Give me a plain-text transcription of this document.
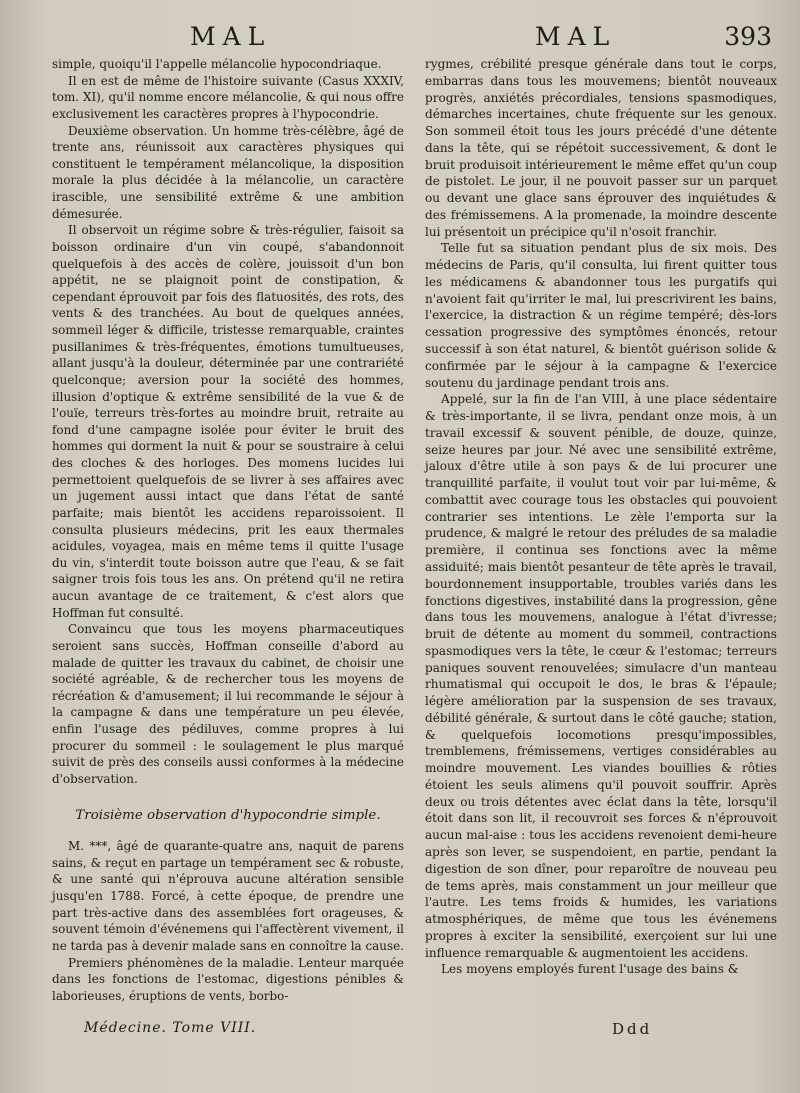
MAL	MAL	393

simple, quoiqu'il l'appelle mélancolie hypocondriaque.

Il en est de même de l'histoire suivante (Casus XXXIV, tom. XI), qu'il nomme encore mélancolie, & qui nous offre exclusivement les caractères propres à l'hypocondrie.

Deuxième observation. Un homme très-célèbre, âgé de trente ans, réunissoit aux caractères physiques qui constituent le tempérament mélancolique, la disposition morale la plus décidée à la mélancolie, un caractère irascible, une sensibilité extrême & une ambition démesurée.

Il observoit un régime sobre & très-régulier, faisoit sa boisson ordinaire d'un vin coupé, s'abandonnoit quelquefois à des accès de colère, jouissoit d'un bon appétit, ne se plaignoit point de constipation, & cependant éprouvoit par fois des flatuosités, des rots, des vents & des tranchées. Au bout de quelques années, sommeil léger & difficile, tristesse remarquable, craintes pusillanimes & très-fréquentes, émotions tumultueuses, allant jusqu'à la douleur, déterminée par une contrariété quelconque; aversion pour la société des hommes, illusion d'optique & extrême sensibilité de la vue & de l'ouïe, terreurs très-fortes au moindre bruit, retraite au fond d'une campagne isolée pour éviter le bruit des hommes qui dorment la nuit & pour se soustraire à celui des cloches & des horloges. Des momens lucides lui permettoient quelquefois de se livrer à ses affaires avec un jugement aussi intact que dans l'état de santé parfaite; mais bientôt les accidens reparoissoient. Il consulta plusieurs médecins, prit les eaux thermales acidules, voyagea, mais en même tems il quitte l'usage du vin, s'interdit toute boisson autre que l'eau, & se fait saigner trois fois tous les ans. On prétend qu'il ne retira aucun avantage de ce traitement, & c'est alors que Hoffman fut consulté.

Convaincu que tous les moyens pharmaceutiques seroient sans succès, Hoffman conseille d'abord au malade de quitter les travaux du cabinet, de choisir une société agréable, & de rechercher tous les moyens de récréation & d'amusement; il lui recommande le séjour à la campagne & dans une température un peu élevée, enfin l'usage des pédiluves, comme propres à lui procurer du sommeil : le soulagement le plus marqué suivit de près des conseils aussi conformes à la médecine d'observation.

Troisième observation d'hypocondrie simple.

M. ***, âgé de quarante-quatre ans, naquit de parens sains, & reçut en partage un tempérament sec & robuste, & une santé qui n'éprouva aucune altération sensible jusqu'en 1788. Forcé, à cette époque, de prendre une part très-active dans des assemblées fort orageuses, & souvent témoin d'événemens qui l'affectèrent vivement, il ne tarda pas à devenir malade sans en connoître la cause.

Premiers phénomènes de la maladie. Lenteur marquée dans les fonctions de l'estomac, digestions pénibles & laborieuses, éruptions de vents, borbo-

rygmes, crébilité presque générale dans tout le corps, embarras dans tous les mouvemens; bientôt nouveaux progrès, anxiétés précordiales, tensions spasmodiques, démarches incertaines, chute fréquente sur les genoux. Son sommeil étoit tous les jours précédé d'une détente dans la tête, qui se répétoit successivement, & dont le bruit produisoit intérieurement le même effet qu'un coup de pistolet. Le jour, il ne pouvoit passer sur un parquet ou devant une glace sans éprouver des inquiétudes & des frémissemens. A la promenade, la moindre descente lui présentoit un précipice qu'il n'osoit franchir.

Telle fut sa situation pendant plus de six mois. Des médecins de Paris, qu'il consulta, lui firent quitter tous les médicamens & abandonner tous les purgatifs qui n'avoient fait qu'irriter le mal, lui prescrivirent les bains, l'exercice, la distraction & un régime tempéré; dès-lors cessation progressive des symptômes énoncés, retour successif à son état naturel, & bientôt guérison solide & confirmée par le séjour à la campagne & l'exercice soutenu du jardinage pendant trois ans.

Appelé, sur la fin de l'an VIII, à une place sédentaire & très-importante, il se livra, pendant onze mois, à un travail excessif & souvent pénible, de douze, quinze, seize heures par jour. Né avec une sensibilité extrême, jaloux d'être utile à son pays & de lui procurer une tranquillité parfaite, il voulut tout voir par lui-même, & combattit avec courage tous les obstacles qui pouvoient contrarier ses intentions. Le zèle l'emporta sur la prudence, & malgré le retour des préludes de sa maladie première, il continua ses fonctions avec la même assiduité; mais bientôt pesanteur de tête après le travail, bourdonnement insupportable, troubles variés dans les fonctions digestives, instabilité dans la progression, gêne dans tous les mouvemens, analogue à l'état d'ivresse; bruit de détente au moment du sommeil, contractions spasmodiques vers la tête, le cœur & l'estomac; terreurs paniques souvent renouvelées; simulacre d'un manteau rhumatismal qui occupoit le dos, le bras & l'épaule; légère amélioration par la suspension de ses travaux, débilité générale, & surtout dans le côté gauche; station, & quelquefois locomotions presqu'impossibles, tremblemens, frémissemens, vertiges considérables au moindre mouvement. Les viandes bouillies & rôties étoient les seuls alimens qu'il pouvoit souffrir. Après deux ou trois détentes avec éclat dans la tête, lorsqu'il étoit dans son lit, il recouvroit ses forces & n'éprouvoit aucun mal-aise : tous les accidens revenoient demi-heure après son lever, se suspendoient, en partie, pendant la digestion de son dîner, pour reparoître de nouveau peu de tems après, mais constamment un jour meilleur que l'autre. Les tems froids & humides, les variations atmosphériques, de même que tous les événemens propres à exciter la sensibilité, exerçoient sur lui une influence remarquable & augmentoient les accidens.

Les moyens employés furent l'usage des bains &

Médecine. Tome VIII.	Ddd
